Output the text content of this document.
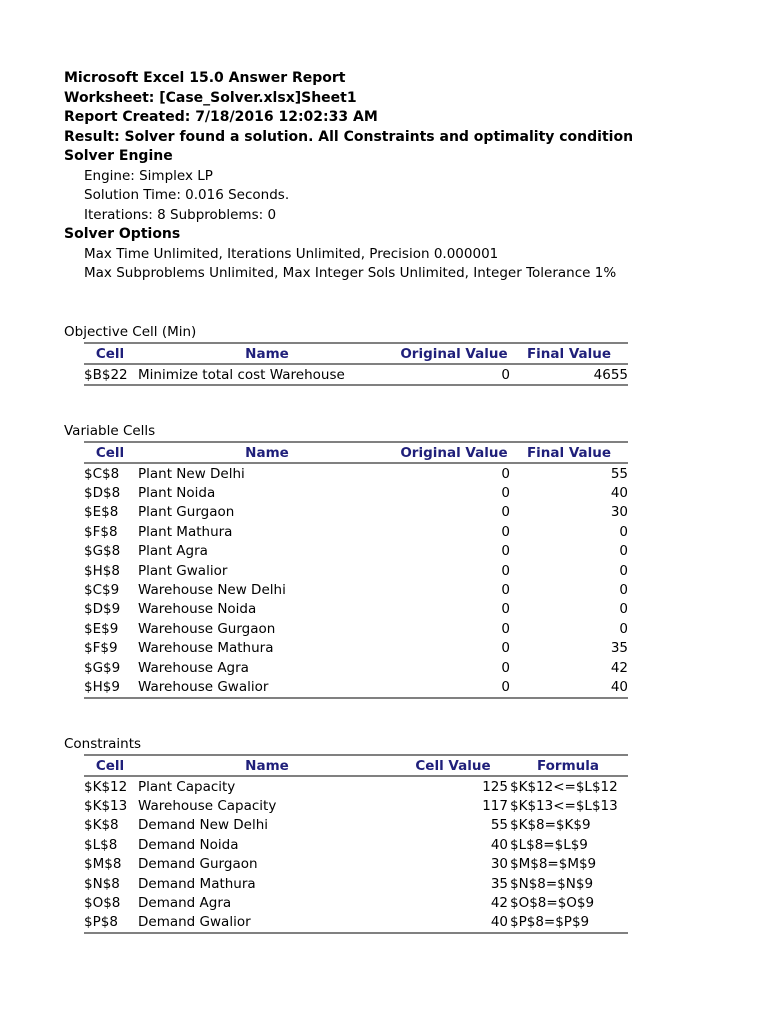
Microsoft Excel 15.0 Answer Report
Worksheet: [Case_Solver.xlsx]Sheet1
Report Created: 7/18/2016 12:02:33 AM
Result: Solver found a solution. All Constraints and optimality condition
Solver Engine
Engine: Simplex LP
Solution Time: 0.016 Seconds.
Iterations: 8 Subproblems: 0
Solver Options
Max Time Unlimited, Iterations Unlimited, Precision 0.000001
Max Subproblems Unlimited, Max Integer Sols Unlimited, Integer Tolerance 1%
Objective Cell (Min)
Cell	Name	Original Value	Final Value
$B$22	Minimize total cost Warehouse	0	4655
Variable Cells
Cell	Name	Original Value	Final Value
$C$8	Plant New Delhi	0	55
$D$8	Plant Noida	0	40
$E$8	Plant Gurgaon	0	30
$F$8	Plant Mathura	0	0
$G$8	Plant Agra	0	0
$H$8	Plant Gwalior	0	0
$C$9	Warehouse New Delhi	0	0
$D$9	Warehouse Noida	0	0
$E$9	Warehouse Gurgaon	0	0
$F$9	Warehouse Mathura	0	35
$G$9	Warehouse Agra	0	42
$H$9	Warehouse Gwalior	0	40
Constraints
Cell	Name	Cell Value	Formula
$K$12	Plant Capacity	125	$K$12<=$L$12
$K$13	Warehouse Capacity	117	$K$13<=$L$13
$K$8	Demand New Delhi	55	$K$8=$K$9
$L$8	Demand Noida	40	$L$8=$L$9
$M$8	Demand Gurgaon	30	$M$8=$M$9
$N$8	Demand Mathura	35	$N$8=$N$9
$O$8	Demand Agra	42	$O$8=$O$9
$P$8	Demand Gwalior	40	$P$8=$P$9
